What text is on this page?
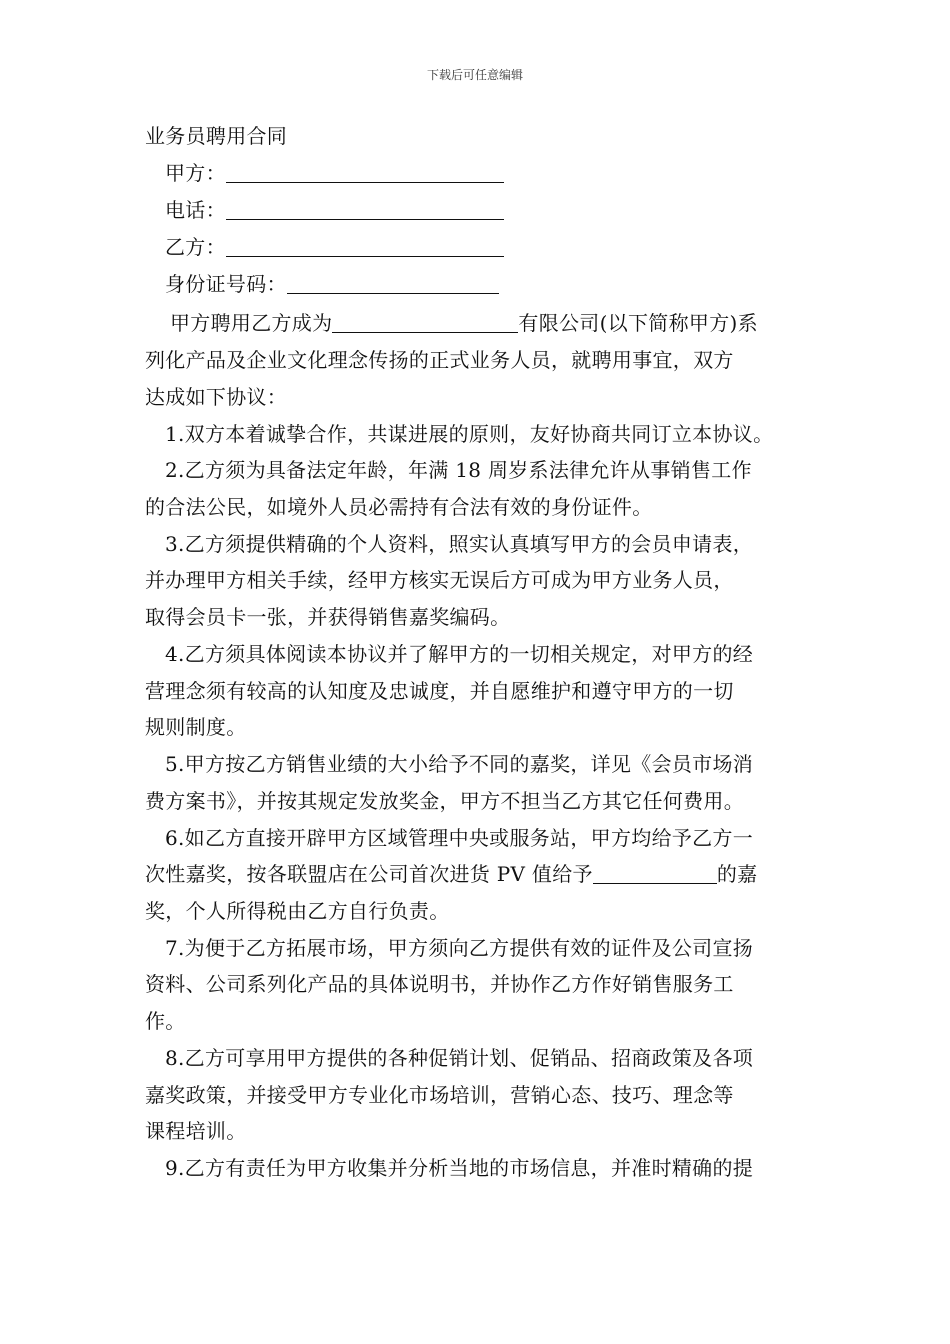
下载后可任意编辑
业务员聘用合同
甲方：
电话：
乙方：
身份证号码：
甲方聘用乙方成为	有限公司(以下简称甲方)系
列化产品及企业文化理念传扬的正式业务人员，就聘用事宜，双方
达成如下协议：
1.双方本着诚挚合作，共谋进展的原则，友好协商共同订立本协议。
2.乙方须为具备法定年龄，年满 18 周岁系法律允许从事销售工作
的合法公民，如境外人员必需持有合法有效的身份证件。
3.乙方须提供精确的个人资料，照实认真填写甲方的会员申请表，
并办理甲方相关手续，经甲方核实无误后方可成为甲方业务人员，
取得会员卡一张，并获得销售嘉奖编码。
4.乙方须具体阅读本协议并了解甲方的一切相关规定，对甲方的经
营理念须有较高的认知度及忠诚度，并自愿维护和遵守甲方的一切
规则制度。
5.甲方按乙方销售业绩的大小给予不同的嘉奖，详见《会员市场消
费方案书》，并按其规定发放奖金，甲方不担当乙方其它任何费用。
6.如乙方直接开辟甲方区域管理中央或服务站，甲方均给予乙方一
次性嘉奖，按各联盟店在公司首次进货 PV 值给予	的嘉
奖，个人所得税由乙方自行负责。
7.为便于乙方拓展市场，甲方须向乙方提供有效的证件及公司宣扬
资料、公司系列化产品的具体说明书，并协作乙方作好销售服务工
作。
8.乙方可享用甲方提供的各种促销计划、促销品、招商政策及各项
嘉奖政策，并接受甲方专业化市场培训，营销心态、技巧、理念等
课程培训。
9.乙方有责任为甲方收集并分析当地的市场信息，并准时精确的提
